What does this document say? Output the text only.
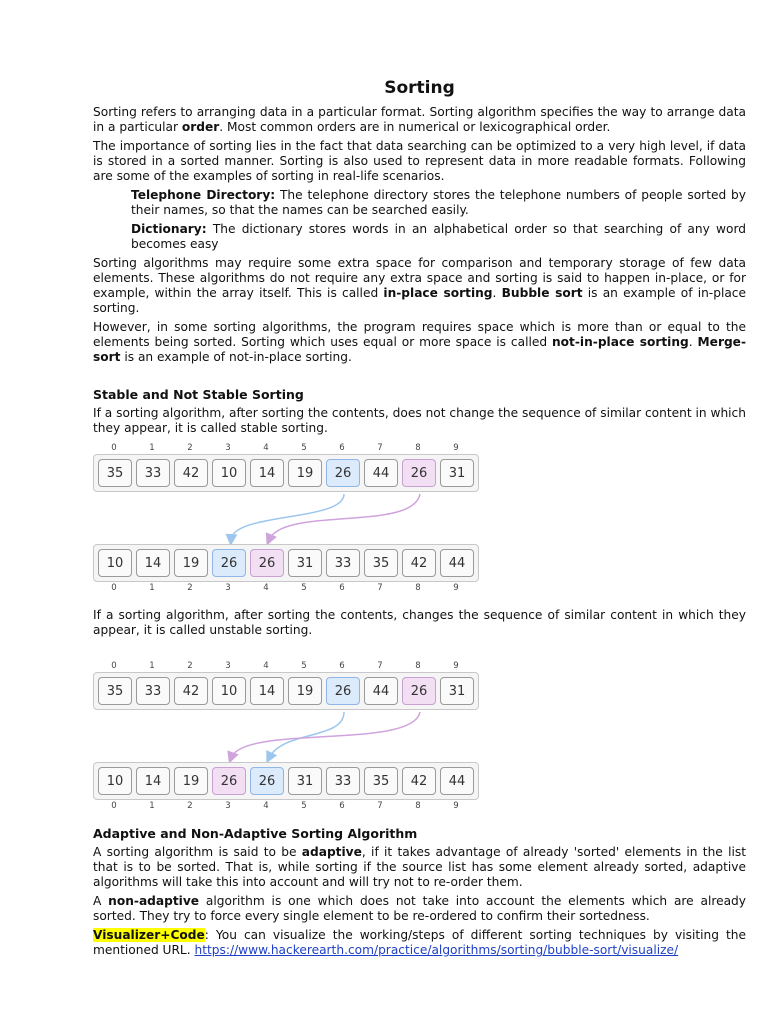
Sorting

Sorting refers to arranging data in a particular format. Sorting algorithm specifies the way to arrange data in a particular order. Most common orders are in numerical or lexicographical order.

The importance of sorting lies in the fact that data searching can be optimized to a very high level, if data is stored in a sorted manner. Sorting is also used to represent data in more readable formats. Following are some of the examples of sorting in real-life scenarios.

Telephone Directory: The telephone directory stores the telephone numbers of people sorted by their names, so that the names can be searched easily.

Dictionary: The dictionary stores words in an alphabetical order so that searching of any word becomes easy

Sorting algorithms may require some extra space for comparison and temporary storage of few data elements. These algorithms do not require any extra space and sorting is said to happen in-place, or for example, within the array itself. This is called in-place sorting. Bubble sort is an example of in-place sorting.

However, in some sorting algorithms, the program requires space which is more than or equal to the elements being sorted. Sorting which uses equal or more space is called not-in-place sorting. Merge-sort is an example of not-in-place sorting.

Stable and Not Stable Sorting

If a sorting algorithm, after sorting the contents, does not change the sequence of similar content in which they appear, it is called stable sorting.

0	1	2	3	4	5	6	7	8	9
35	33	42	10	14	19	26	44	26	31
10	14	19	26	26	31	33	35	42	44
0	1	2	3	4	5	6	7	8	9

If a sorting algorithm, after sorting the contents, changes the sequence of similar content in which they appear, it is called unstable sorting.

0	1	2	3	4	5	6	7	8	9
35	33	42	10	14	19	26	44	26	31
10	14	19	26	26	31	33	35	42	44
0	1	2	3	4	5	6	7	8	9
Adaptive and Non-Adaptive Sorting Algorithm

A sorting algorithm is said to be adaptive, if it takes advantage of already 'sorted' elements in the list that is to be sorted. That is, while sorting if the source list has some element already sorted, adaptive algorithms will take this into account and will try not to re-order them.

A non-adaptive algorithm is one which does not take into account the elements which are already sorted. They try to force every single element to be re-ordered to confirm their sortedness.

Visualizer+Code: You can visualize the working/steps of different sorting techniques by visiting the mentioned URL. https://www.hackerearth.com/practice/algorithms/sorting/bubble-sort/visualize/
